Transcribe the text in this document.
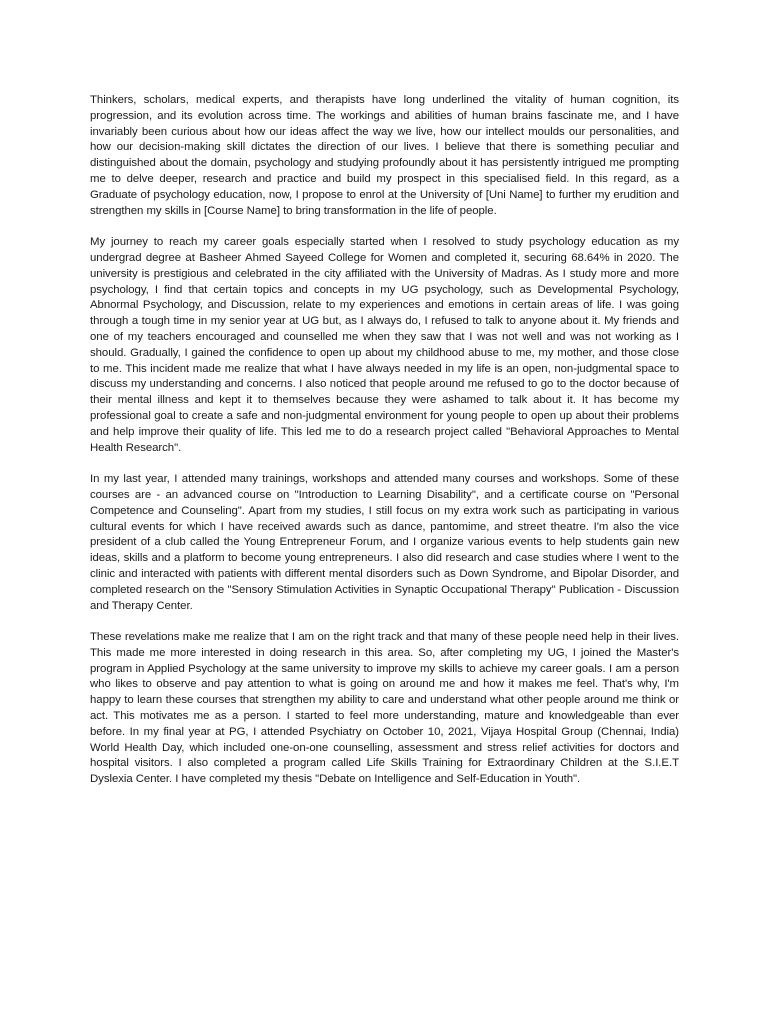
Thinkers, scholars, medical experts, and therapists have long underlined the vitality of human cognition, its progression, and its evolution across time. The workings and abilities of human brains fascinate me, and I have invariably been curious about how our ideas affect the way we live, how our intellect moulds our personalities, and how our decision-making skill dictates the direction of our lives. I believe that there is something peculiar and distinguished about the domain, psychology and studying profoundly about it has persistently intrigued me prompting me to delve deeper, research and practice and build my prospect in this specialised field. In this regard, as a Graduate of psychology education, now, I propose to enrol at the University of [Uni Name] to further my erudition and strengthen my skills in [Course Name] to bring transformation in the life of people.

My journey to reach my career goals especially started when I resolved to study psychology education as my undergrad degree at Basheer Ahmed Sayeed College for Women and completed it, securing 68.64% in 2020. The university is prestigious and celebrated in the city affiliated with the University of Madras. As I study more and more psychology, I find that certain topics and concepts in my UG psychology, such as Developmental Psychology, Abnormal Psychology, and Discussion, relate to my experiences and emotions in certain areas of life. I was going through a tough time in my senior year at UG but, as I always do, I refused to talk to anyone about it. My friends and one of my teachers encouraged and counselled me when they saw that I was not well and was not working as I should. Gradually, I gained the confidence to open up about my childhood abuse to me, my mother, and those close to me. This incident made me realize that what I have always needed in my life is an open, non-judgmental space to discuss my understanding and concerns. I also noticed that people around me refused to go to the doctor because of their mental illness and kept it to themselves because they were ashamed to talk about it. It has become my professional goal to create a safe and non-judgmental environment for young people to open up about their problems and help improve their quality of life. This led me to do a research project called "Behavioral Approaches to Mental Health Research".

In my last year, I attended many trainings, workshops and attended many courses and workshops. Some of these courses are - an advanced course on "Introduction to Learning Disability", and a certificate course on "Personal Competence and Counseling". Apart from my studies, I still focus on my extra work such as participating in various cultural events for which I have received awards such as dance, pantomime, and street theatre. I'm also the vice president of a club called the Young Entrepreneur Forum, and I organize various events to help students gain new ideas, skills and a platform to become young entrepreneurs. I also did research and case studies where I went to the clinic and interacted with patients with different mental disorders such as Down Syndrome, and Bipolar Disorder, and completed research on the "Sensory Stimulation Activities in Synaptic Occupational Therapy" Publication - Discussion and Therapy Center.

These revelations make me realize that I am on the right track and that many of these people need help in their lives. This made me more interested in doing research in this area. So, after completing my UG, I joined the Master's program in Applied Psychology at the same university to improve my skills to achieve my career goals. I am a person who likes to observe and pay attention to what is going on around me and how it makes me feel. That's why, I'm happy to learn these courses that strengthen my ability to care and understand what other people around me think or act. This motivates me as a person. I started to feel more understanding, mature and knowledgeable than ever before. In my final year at PG, I attended Psychiatry on October 10, 2021, Vijaya Hospital Group (Chennai, India) World Health Day, which included one-on-one counselling, assessment and stress relief activities for doctors and hospital visitors. I also completed a program called Life Skills Training for Extraordinary Children at the S.I.E.T Dyslexia Center. I have completed my thesis "Debate on Intelligence and Self-Education in Youth".
